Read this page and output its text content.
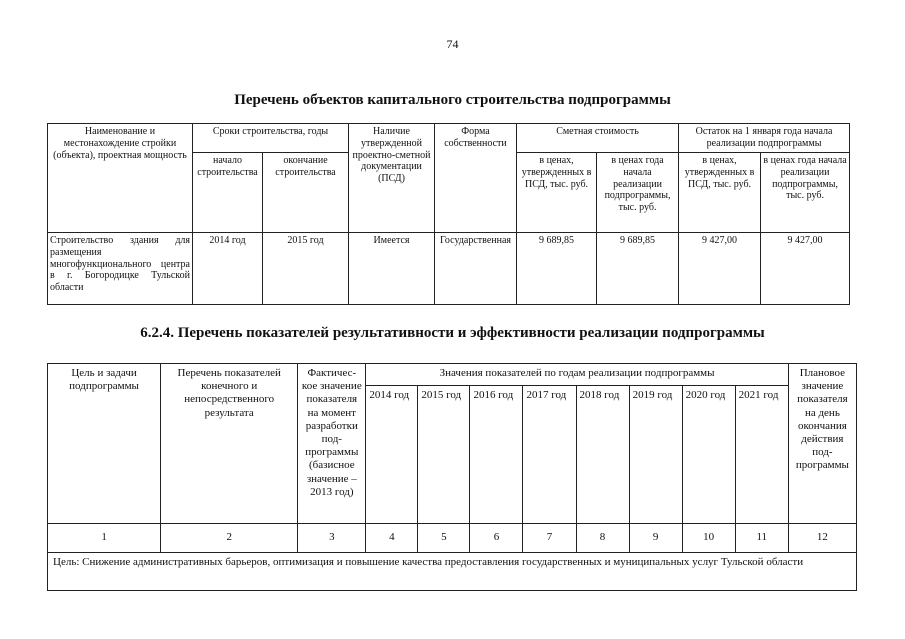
74
Перечень объектов капитального строительства подпрограммы
Наименование и местонахождение стройки (объекта), проектная мощность	Сроки строительства, годы		Наличие утвержденной проектно-сметной документации (ПСД)	Форма собственности	Сметная стоимость		Остаток на 1 января года начала реализации подпрограммы	
	начало строительства	окончание строительства			в ценах, утвержденных в ПСД, тыс. руб.	в ценах года начала реализации подпрограммы, тыс. руб.	в ценах, утвержденных в ПСД, тыс. руб.	в ценах года начала реализации подпрограммы, тыс. руб.
Строительство здания для размещения многофункционального центра в г. Богородицке Тульской области	2014 год	2015 год	Имеется	Государственная	9 689,85	9 689,85	9 427,00	9 427,00
6.2.4. Перечень показателей результативности и эффективности реализации подпрограммы
Цель и задачи подпрограммы	Перечень показателей конечного и непосредственного результата	Фактичес-кое значение показателя на момент разработки под-программы (базисное значение – 2013 год)	Значения показателей по годам реализации подпрограммы								Плановое значение показателя на день окончания действия под-программы
			2014 год	2015 год	2016 год	2017 год	2018 год	2019 год	2020 год	2021 год	
1	2	3	4	5	6	7	8	9	10	11	12
Цель: Снижение административных барьеров, оптимизация и повышение качества предоставления государственных и муниципальных услуг Тульской области											
